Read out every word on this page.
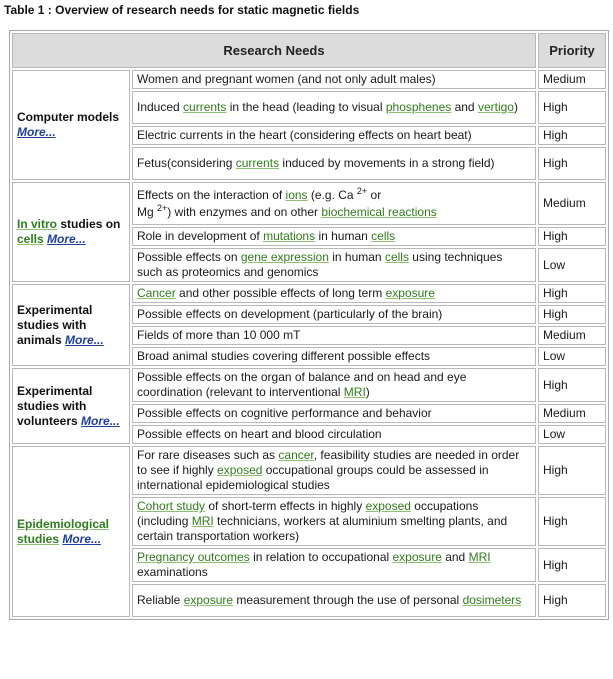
Table 1 : Overview of research needs for static magnetic fields
Research Needs		Priority
Computer models More...	Women and pregnant women (and not only adult males)	Medium
	Induced currents in the head (leading to visual phosphenes and vertigo)	High
	Electric currents in the heart (considering effects on heart beat)	High
	Fetus(considering currents induced by movements in a strong field)	High
In vitro studies on cells More...	Effects on the interaction of ions (e.g. Ca $^{2+}$ or
Mg $^{2+}$) with enzymes and on other biochemical reactions	Medium
	Role in development of mutations in human cells	High
	Possible effects on gene expression in human cells using techniques such as proteomics and genomics	Low
Experimental studies with animals More...	Cancer and other possible effects of long term exposure	High
	Possible effects on development (particularly of the brain)	High
	Fields of more than 10 000 mT	Medium
	Broad animal studies covering different possible effects	Low
Experimental studies with volunteers More...	Possible effects on the organ of balance and on head and eye coordination (relevant to interventional MRI)	High
	Possible effects on cognitive performance and behavior	Medium
	Possible effects on heart and blood circulation	Low
Epidemiological studies More...	For rare diseases such as cancer, feasibility studies are needed in order to see if highly exposed occupational groups could be assessed in international epidemiological studies	High
	Cohort study of short-term effects in highly exposed occupations (including MRI technicians, workers at aluminium smelting plants, and certain transportation workers)	High
	Pregnancy outcomes in relation to occupational exposure and MRI examinations	High
	Reliable exposure measurement through the use of personal dosimeters	High
